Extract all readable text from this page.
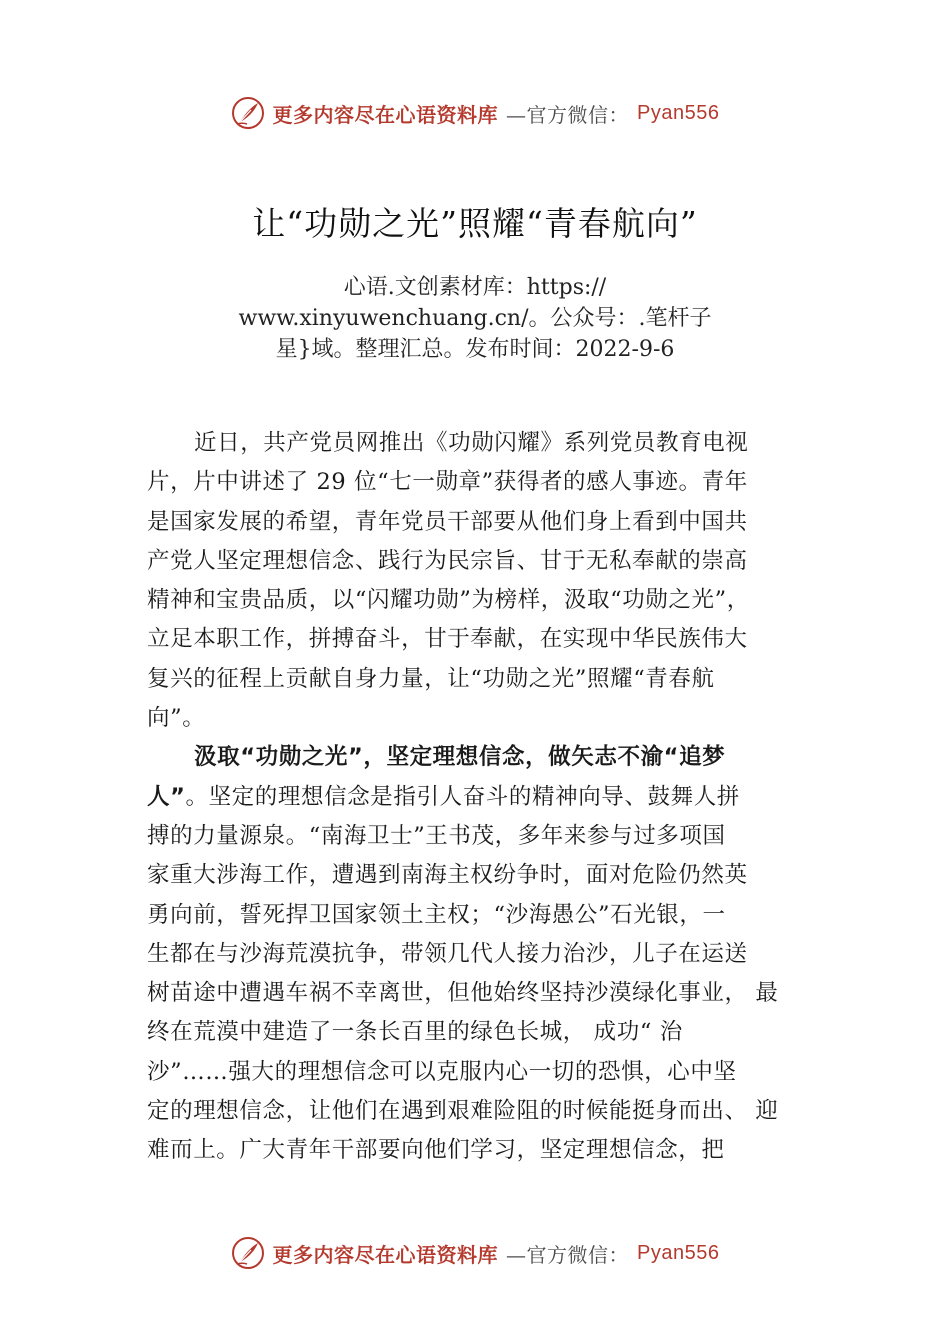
更多内容尽在心语资料库 —官方微信： Pyan556
让“功勋之光”照耀“青春航向”
心语.文创素材库：https://
www.xinyuwenchuang.cn/。公众号：.笔杆子
星}域。整理汇总。发布时间：2022-9-6
近日，共产党员网推出《功勋闪耀》系列党员教育电视
片，片中讲述了 29 位“七一勋章”获得者的感人事迹。青年
是国家发展的希望，青年党员干部要从他们身上看到中国共
产党人坚定理想信念、践行为民宗旨、甘于无私奉献的崇高
精神和宝贵品质，以“闪耀功勋”为榜样，汲取“功勋之光”，
立足本职工作，拼搏奋斗，甘于奉献，在实现中华民族伟大
复兴的征程上贡献自身力量，让“功勋之光”照耀“青春航
向”。
汲取“功勋之光”，坚定理想信念，做矢志不渝“追梦
人”。坚定的理想信念是指引人奋斗的精神向导、鼓舞人拼
搏的力量源泉。“南海卫士”王书茂，多年来参与过多项国
家重大涉海工作，遭遇到南海主权纷争时，面对危险仍然英
勇向前，誓死捍卫国家领土主权；“沙海愚公”石光银，一
生都在与沙海荒漠抗争，带领几代人接力治沙，儿子在运送
树苗途中遭遇车祸不幸离世，但他始终坚持沙漠绿化事业， 最
终在荒漠中建造了一条长百里的绿色长城， 成功“ 治
沙”……强大的理想信念可以克服内心一切的恐惧，心中坚
定的理想信念，让他们在遇到艰难险阻的时候能挺身而出、 迎
难而上。广大青年干部要向他们学习，坚定理想信念，把
更多内容尽在心语资料库 —官方微信： Pyan556
